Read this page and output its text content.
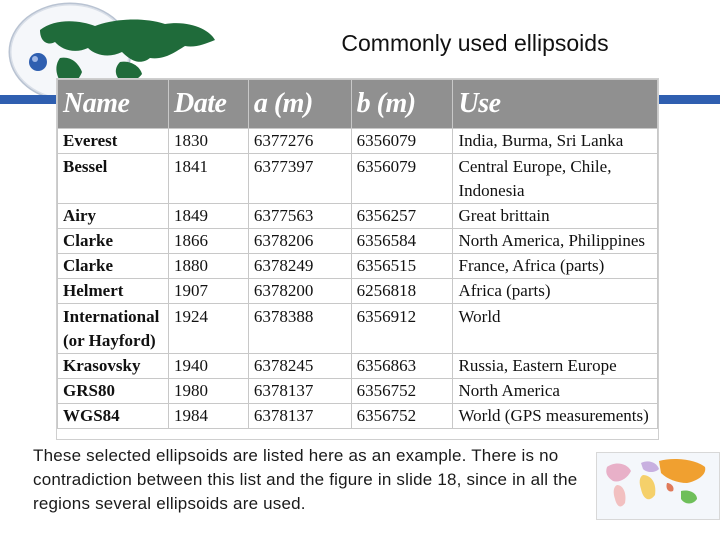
Commonly used ellipsoids
Name	Date	a (m)	b (m)	Use
Everest	1830	6377276	6356079	India, Burma, Sri Lanka
Bessel	1841	6377397	6356079	Central Europe, Chile, Indonesia
Airy	1849	6377563	6356257	Great brittain
Clarke	1866	6378206	6356584	North America, Philippines
Clarke	1880	6378249	6356515	France, Africa (parts)
Helmert	1907	6378200	6256818	Africa (parts)
International (or Hayford)	1924	6378388	6356912	World
Krasovsky	1940	6378245	6356863	Russia, Eastern Europe
GRS80	1980	6378137	6356752	North America
WGS84	1984	6378137	6356752	World (GPS measurements)
These selected ellipsoids are listed here as an example. There is no contradiction between this list and the figure in slide 18, since in all the regions several ellipsoids are used.
